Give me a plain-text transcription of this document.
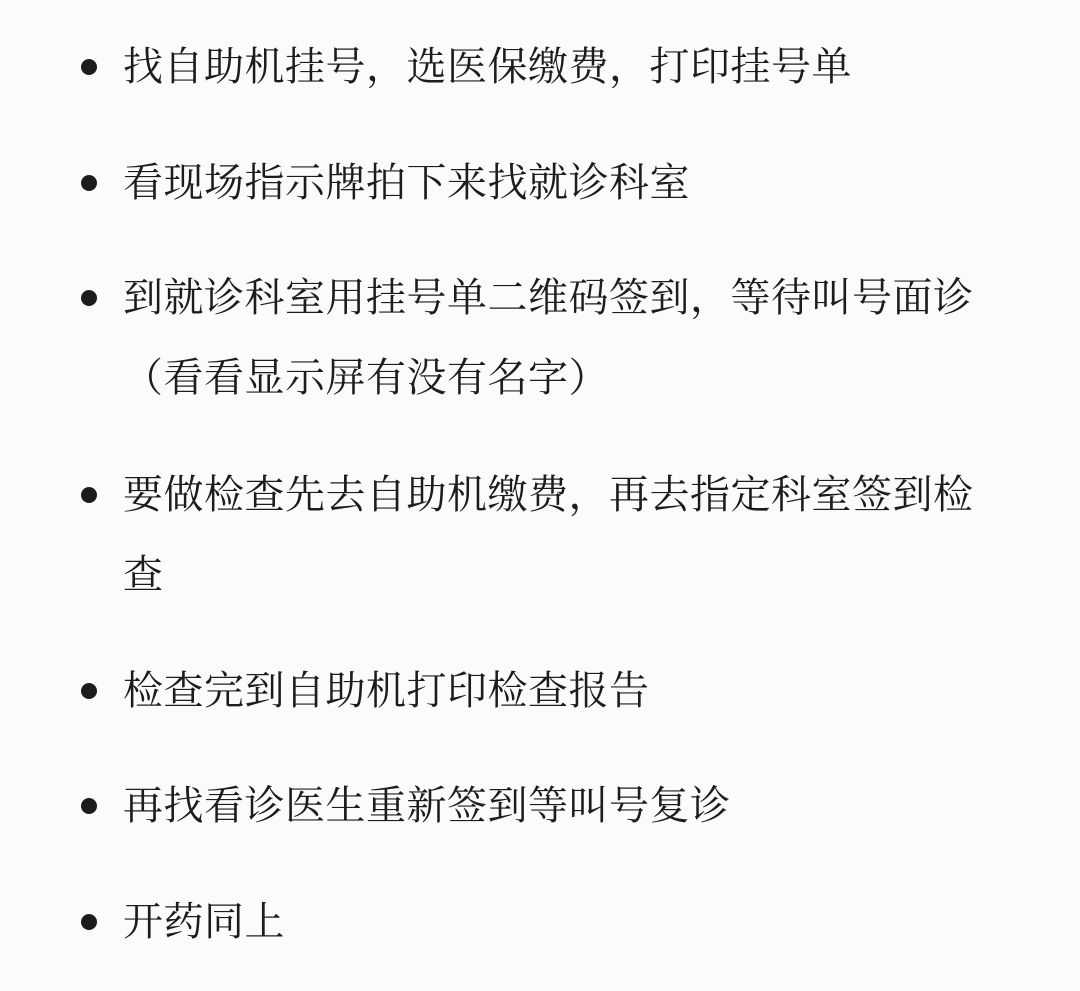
找自助机挂号，选医保缴费，打印挂号单
看现场指示牌拍下来找就诊科室
到就诊科室用挂号单二维码签到，等待叫号面诊（看看显示屏有没有名字）
要做检查先去自助机缴费，再去指定科室签到检查
检查完到自助机打印检查报告
再找看诊医生重新签到等叫号复诊
开药同上
